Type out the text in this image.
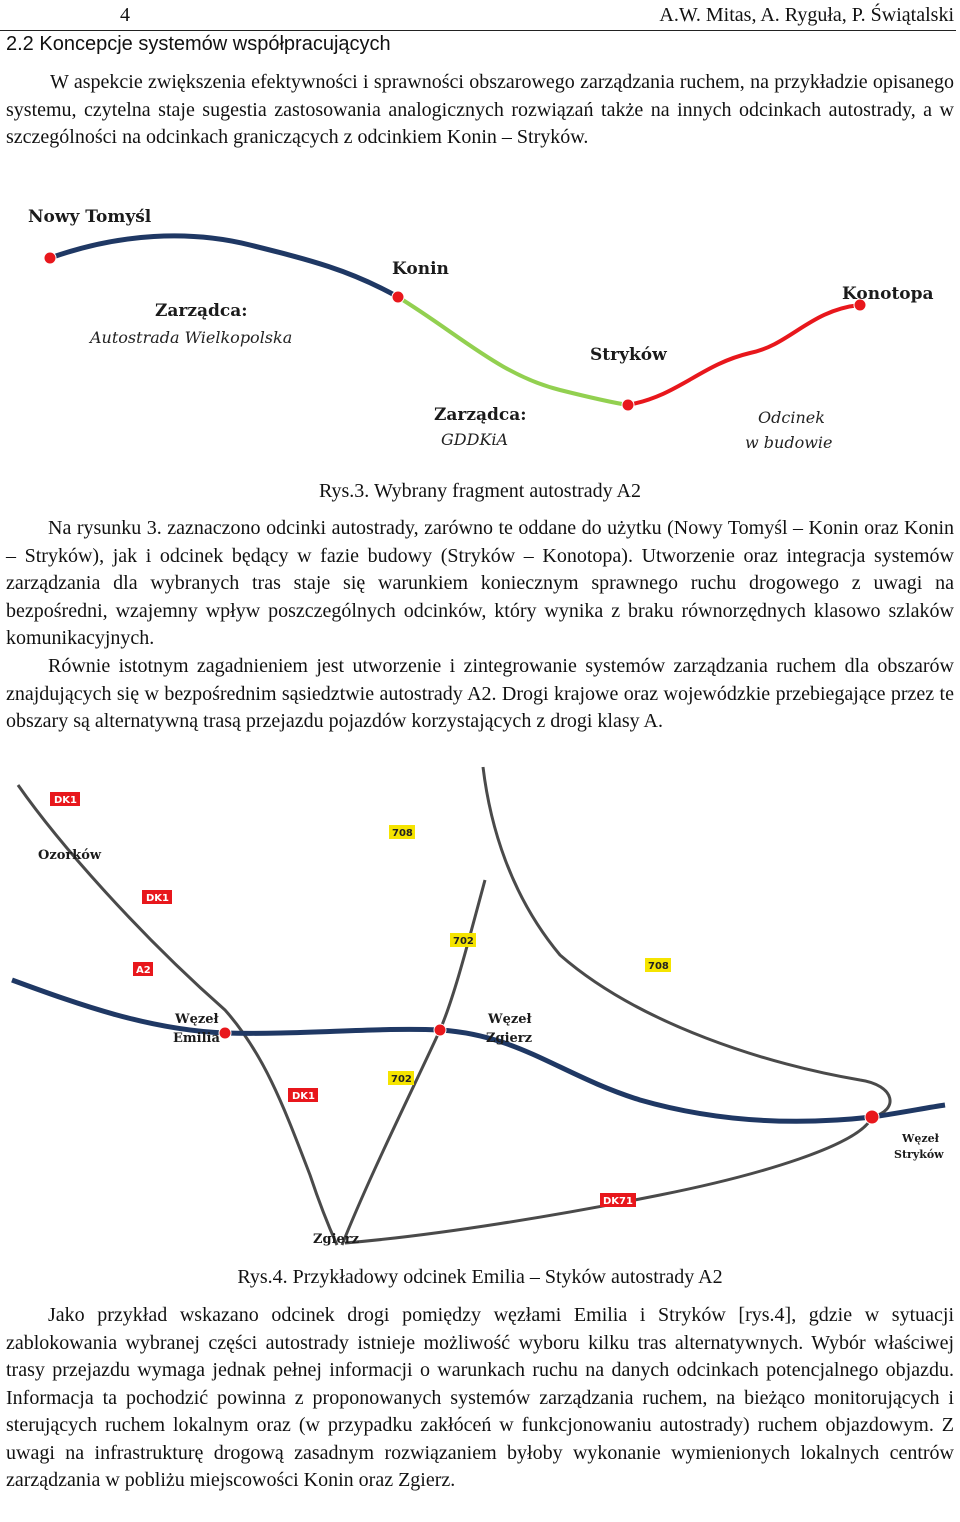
4	A.W. Mitas, A. Ryguła, P. Świątalski
2.2 Koncepcje systemów współpracujących

W aspekcie zwiększenia efektywności i sprawności obszarowego zarządzania ruchem, na przykładzie opisanego systemu, czytelna staje sugestia zastosowania analogicznych rozwiązań także na innych odcinkach autostrady, a w szczególności na odcinkach graniczących z odcinkiem Konin – Stryków.

Nowy Tomyśl
Konin
Konotopa
Stryków
Zarządca:
Autostrada Wielkopolska
Zarządca:
GDDKiA
Odcinek
w budowie

Rys.3. Wybrany fragment autostrady A2

Na rysunku 3. zaznaczono odcinki autostrady, zarówno te oddane do użytku (Nowy Tomyśl – Konin oraz Konin – Stryków), jak i odcinek będący w fazie budowy (Stryków – Konotopa). Utworzenie oraz integracja systemów zarządzania dla wybranych tras staje się warunkiem koniecznym sprawnego ruchu drogowego z uwagi na bezpośredni, wzajemny wpływ poszczególnych odcinków, który wynika z braku równorzędnych klasowo szlaków komunikacyjnych.

Równie istotnym zagadnieniem jest utworzenie i zintegrowanie systemów zarządzania ruchem dla obszarów znajdujących się w bezpośrednim sąsiedztwie autostrady A2. Drogi krajowe oraz wojewódzkie przebiegające przez te obszary są alternatywną trasą przejazdu pojazdów korzystających z drogi klasy A.

DK1
DK1
A2
DK1
DK71
708
708
702
702
Ozorków
Węzeł
Emilia
Węzeł
Zgierz
Węzeł
Stryków
Zgierz

Rys.4. Przykładowy odcinek Emilia – Styków autostrady A2

Jako przykład wskazano odcinek drogi pomiędzy węzłami Emilia i Stryków [rys.4], gdzie w sytuacji zablokowania wybranej części autostrady istnieje możliwość wyboru kilku tras alternatywnych. Wybór właściwej trasy przejazdu wymaga jednak pełnej informacji o warunkach ruchu na danych odcinkach potencjalnego objazdu. Informacja ta pochodzić powinna z proponowanych systemów zarządzania ruchem, na bieżąco monitorujących i sterujących ruchem lokalnym oraz (w przypadku zakłóceń w funkcjonowaniu autostrady) ruchem objazdowym. Z uwagi na infrastrukturę drogową zasadnym rozwiązaniem byłoby wykonanie wymienionych lokalnych centrów zarządzania w pobliżu miejscowości Konin oraz Zgierz.
